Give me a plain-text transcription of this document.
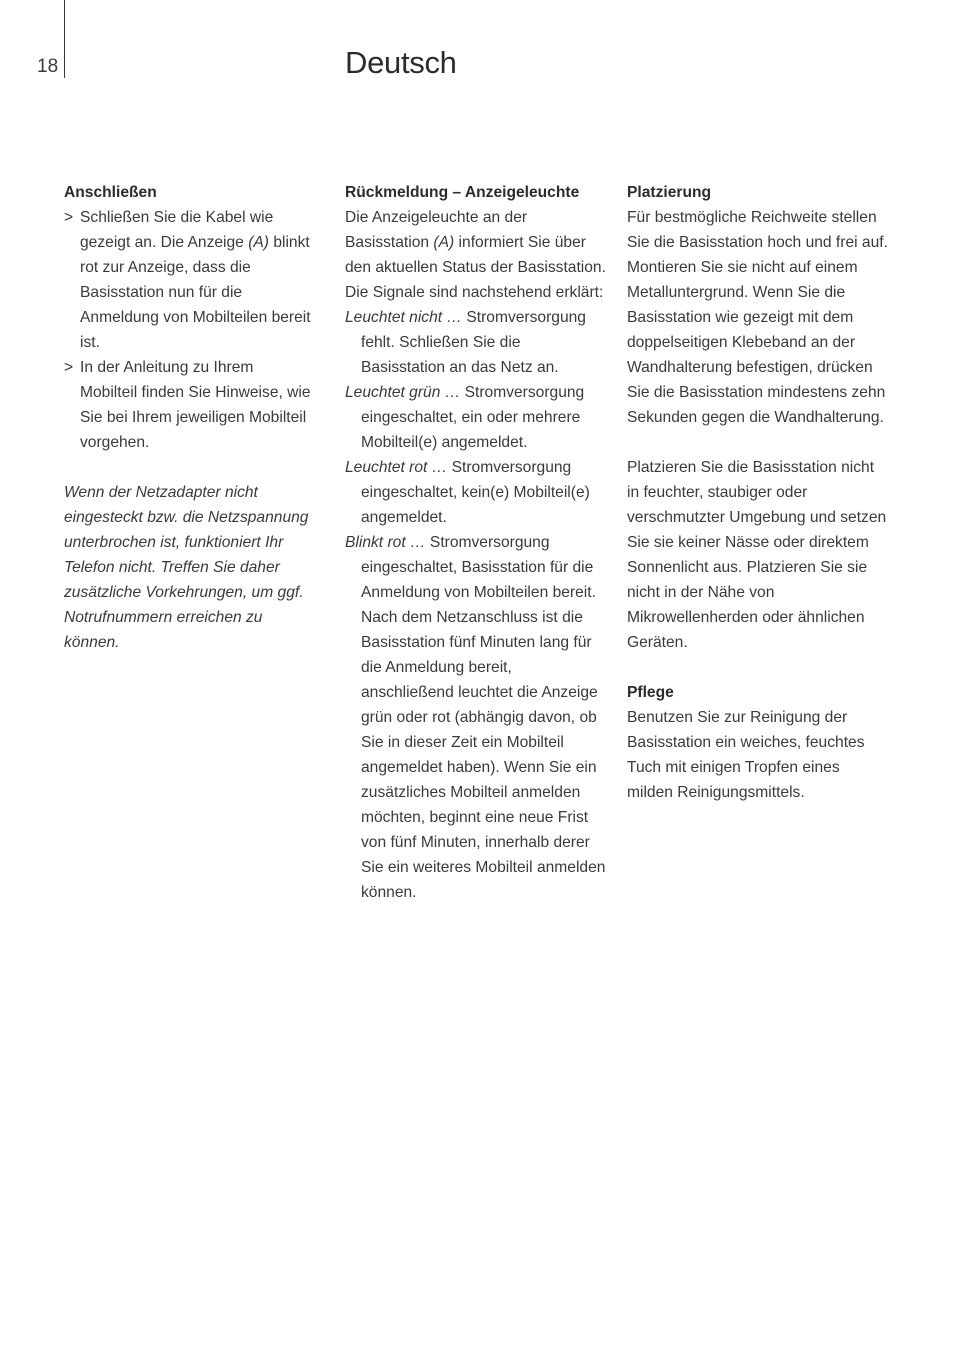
18	Deutsch
Anschließen
> Schließen Sie die Kabel wie gezeigt an. Die Anzeige (A) blinkt rot zur Anzeige, dass die Basisstation nun für die Anmeldung von Mobilteilen bereit ist.
> In der Anleitung zu Ihrem Mobilteil finden Sie Hinweise, wie Sie bei Ihrem jeweiligen Mobilteil vorgehen.
Wenn der Netzadapter nicht eingesteckt bzw. die Netzspannung unterbrochen ist, funktioniert Ihr Telefon nicht. Treffen Sie daher zusätzliche Vorkehrungen, um ggf. Notrufnummern erreichen zu können.
Rückmeldung – Anzeigeleuchte
Die Anzeigeleuchte an der Basisstation (A) informiert Sie über den aktuellen Status der Basisstation. Die Signale sind nachstehend erklärt:
Leuchtet nicht … Stromversorgung fehlt. Schließen Sie die Basisstation an das Netz an.
Leuchtet grün … Stromversorgung eingeschaltet, ein oder mehrere Mobilteil(e) angemeldet.
Leuchtet rot … Stromversorgung eingeschaltet, kein(e) Mobilteil(e) angemeldet.
Blinkt rot … Stromversorgung eingeschaltet, Basisstation für die Anmeldung von Mobilteilen bereit. Nach dem Netzanschluss ist die Basisstation fünf Minuten lang für die Anmeldung bereit, anschließend leuchtet die Anzeige grün oder rot (abhängig davon, ob Sie in dieser Zeit ein Mobilteil angemeldet haben). Wenn Sie ein zusätzliches Mobilteil anmelden möchten, beginnt eine neue Frist von fünf Minuten, innerhalb derer Sie ein weiteres Mobilteil anmelden können.
Platzierung
Für bestmögliche Reichweite stellen Sie die Basisstation hoch und frei auf. Montieren Sie sie nicht auf einem Metalluntergrund. Wenn Sie die Basisstation wie gezeigt mit dem doppelseitigen Klebeband an der Wandhalterung befestigen, drücken Sie die Basisstation mindestens zehn Sekunden gegen die Wandhalterung.
Platzieren Sie die Basisstation nicht in feuchter, staubiger oder verschmutzter Umgebung und setzen Sie sie keiner Nässe oder direktem Sonnenlicht aus. Platzieren Sie sie nicht in der Nähe von Mikrowellenherden oder ähnlichen Geräten.
Pflege
Benutzen Sie zur Reinigung der Basisstation ein weiches, feuchtes Tuch mit einigen Tropfen eines milden Reinigungsmittels.
